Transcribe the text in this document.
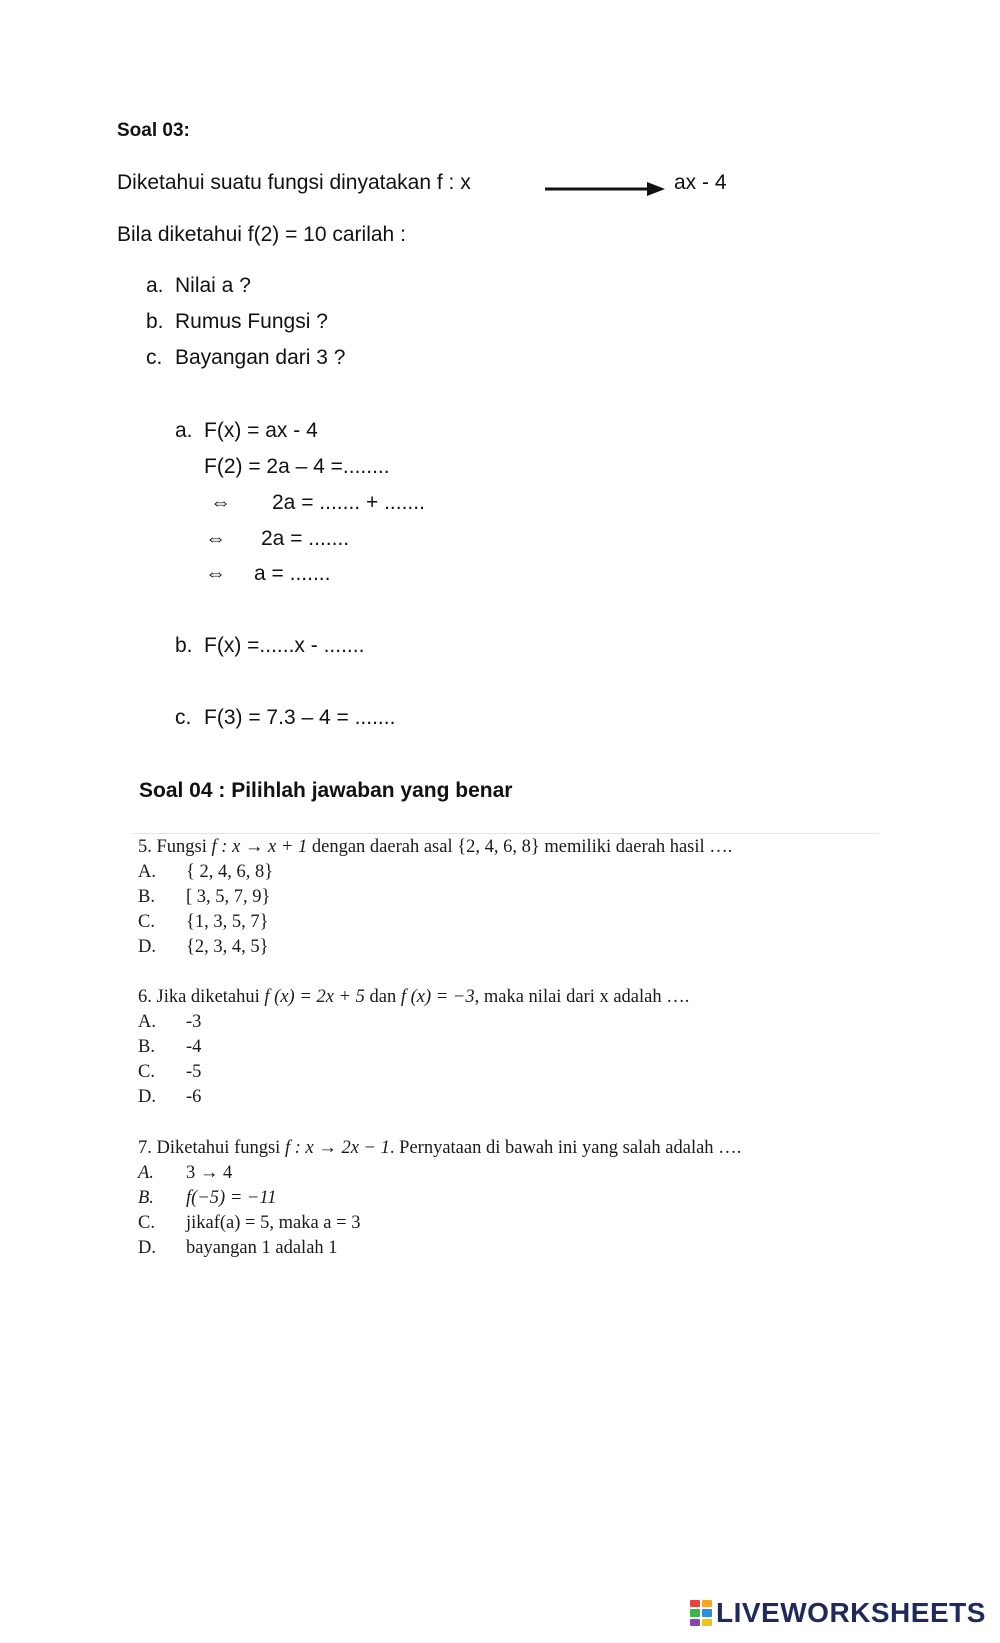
Soal 03:
Diketahui suatu fungsi dinyatakan f : x	ax - 4
Bila diketahui f(2) = 10 carilah :
a. Nilai a ?
b. Rumus Fungsi ?
c. Bayangan dari 3 ?
a. F(x) = ax - 4
F(2) = 2a – 4 =........
⇔ 2a = ....... + .......
⇔ 2a = .......
⇔ a = .......
b. F(x) =......x - .......
c. F(3) = 7.3 – 4 = .......
Soal 04 : Pilihlah jawaban yang benar
5. Fungsi f : x → x + 1 dengan daerah asal {2, 4, 6, 8} memiliki daerah hasil ….
A. { 2, 4, 6, 8}
B. [ 3, 5, 7, 9}
C. {1, 3, 5, 7}
D. {2, 3, 4, 5}
6. Jika diketahui f (x) = 2x + 5 dan f (x) = −3, maka nilai dari x adalah ….
A. -3
B. -4
C. -5
D. -6
7. Diketahui fungsi f : x → 2x − 1. Pernyataan di bawah ini yang salah adalah ….
A. 3 → 4
B. f(−5) = −11
C. jikaf(a) = 5, maka a = 3
D. bayangan 1 adalah 1
LIVEWORKSHEETS
